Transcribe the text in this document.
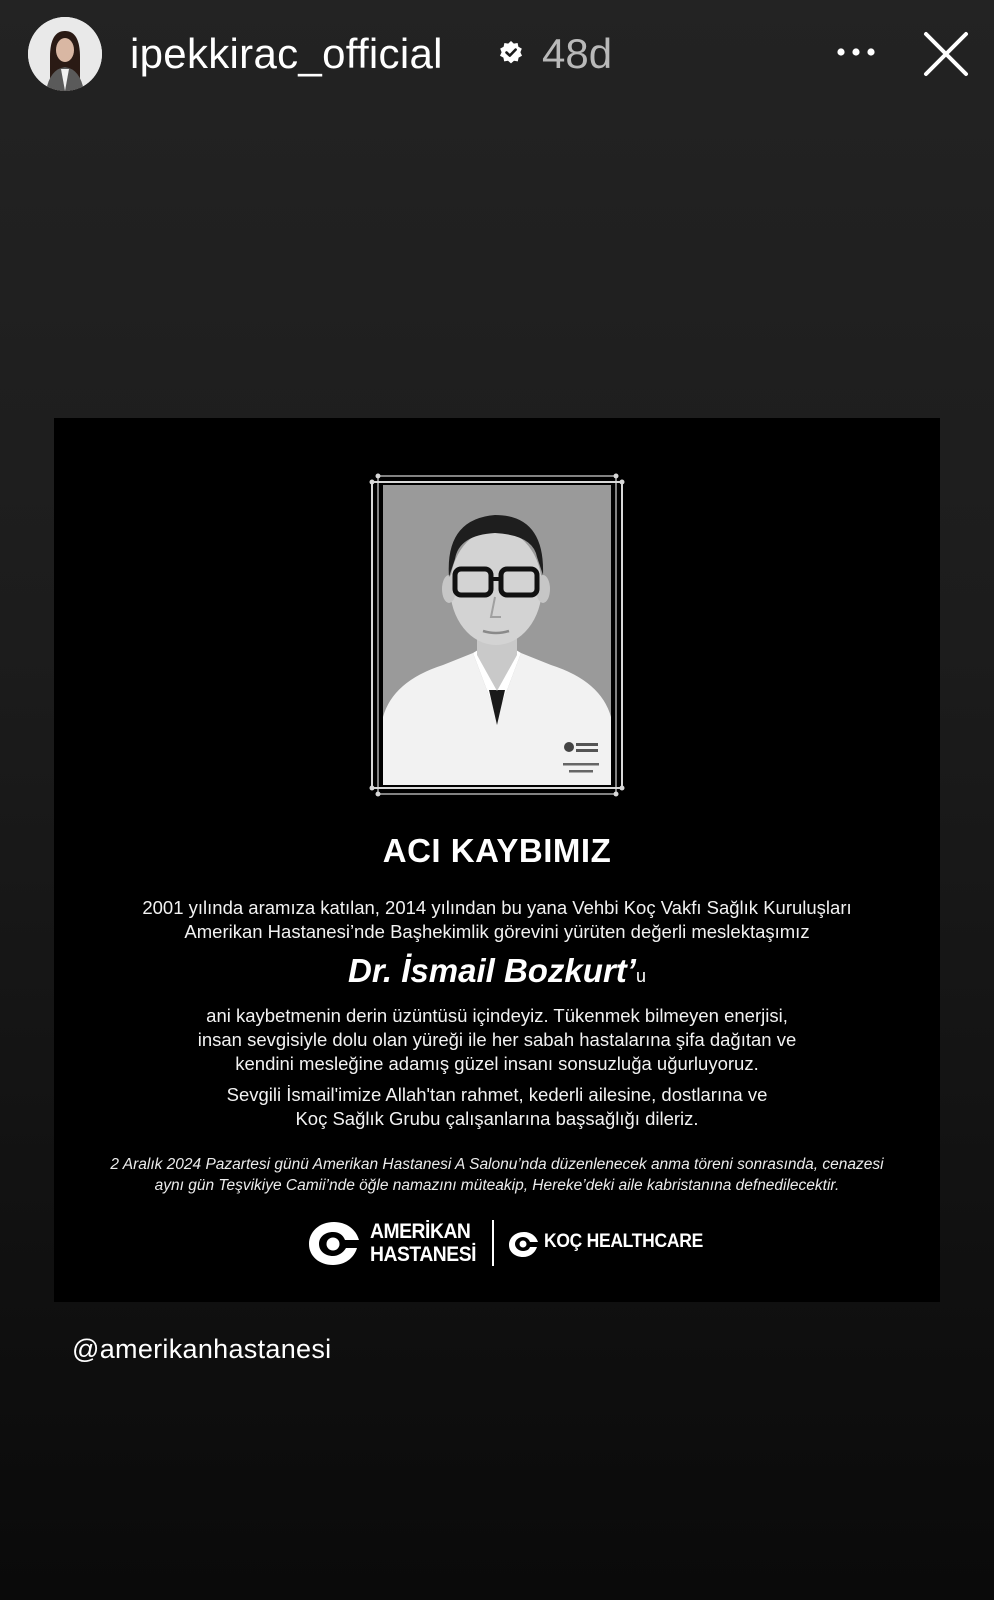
ipekkirac_official 48d
ACI KAYBIMIZ
2001 yılında aramıza katılan, 2014 yılından bu yana Vehbi Koç Vakfı Sağlık Kuruluşları
Amerikan Hastanesi’nde Başhekimlik görevini yürüten değerli meslektaşımız
Dr. İsmail Bozkurt’u
ani kaybetmenin derin üzüntüsü içindeyiz. Tükenmek bilmeyen enerjisi,
insan sevgisiyle dolu olan yüreği ile her sabah hastalarına şifa dağıtan ve
kendini mesleğine adamış güzel insanı sonsuzluğa uğurluyoruz.
Sevgili İsmail'imize Allah'tan rahmet, kederli ailesine, dostlarına ve
Koç Sağlık Grubu çalışanlarına başsağlığı dileriz.
2 Aralık 2024 Pazartesi günü Amerikan Hastanesi A Salonu’nda düzenlenecek anma töreni sonrasında, cenazesi
aynı gün Teşvikiye Camii’nde öğle namazını müteakip, Hereke’deki aile kabristanına defnedilecektir.
AMERİKAN
HASTANESİ
KOÇ HEALTHCARE
@amerikanhastanesi
